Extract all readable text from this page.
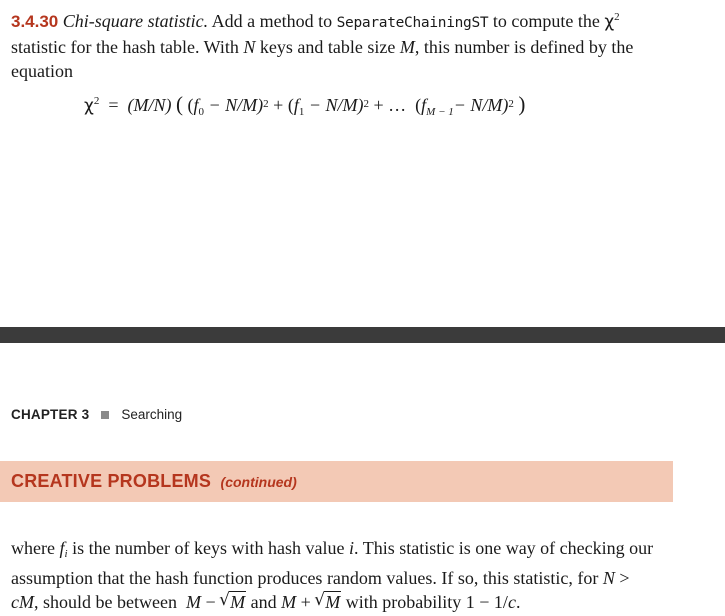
3.4.30 Chi-square statistic. Add a method to SeparateChainingST to compute the $\chi^2$
statistic for the hash table. With N keys and table size M, this number is defined by the
equation
$\chi^2 = (M/N)$ ( $(f_0 - N/M)^2 + (f_1 - N/M)^2$ + …  $(f_{M - 1}- N/M)^2$ )
CHAPTER 3 Searching
CREATIVE PROBLEMS (continued)
where $f_i$ is the number of keys with hash value i. This statistic is one way of checking our
assumption that the hash function produces random values. If so, this statistic, for N >
cM, should be between M − √ M and M + √ M with probability 1 − 1/c.
